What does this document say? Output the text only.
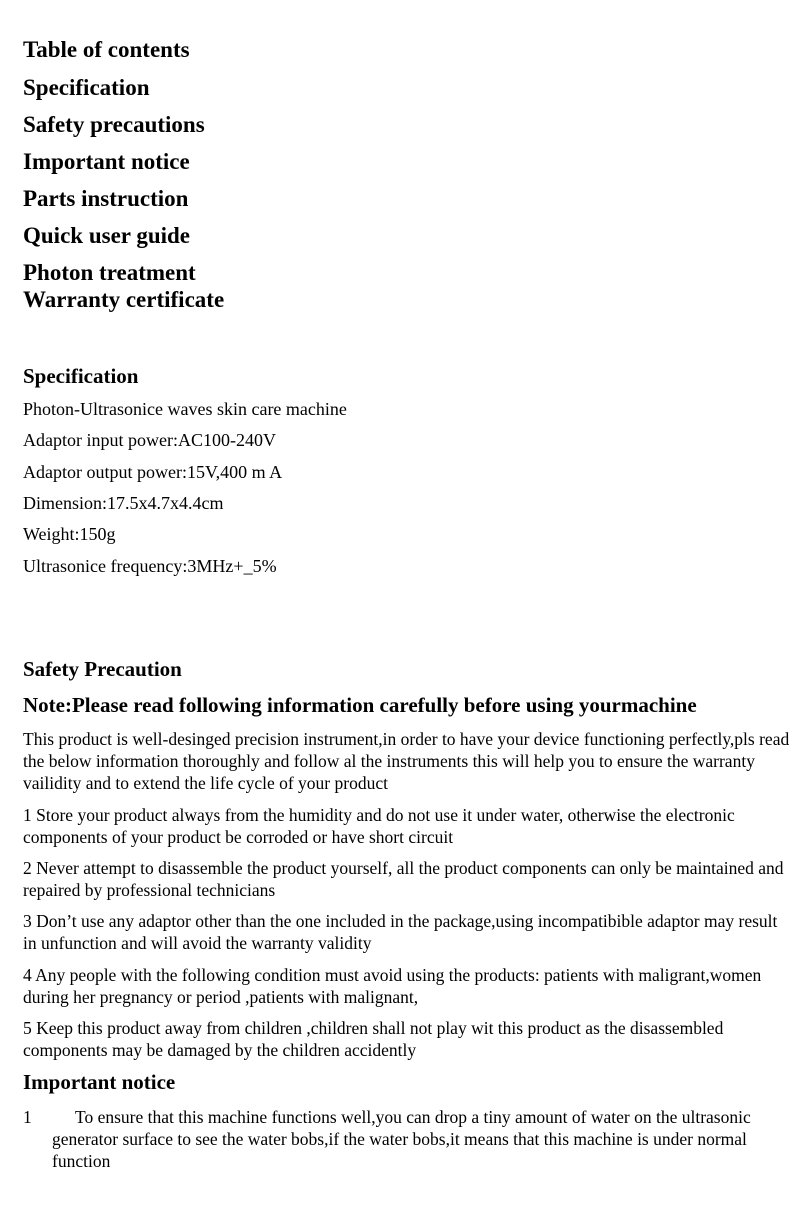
Table of contents
Specification
Safety precautions
Important notice
Parts instruction
Quick user guide
Photon treatment
Warranty certificate
Specification
Photon-Ultrasonice waves skin care machine
Adaptor input power:AC100-240V
Adaptor output power:15V,400 m A
Dimension:17.5x4.7x4.4cm
Weight:150g
Ultrasonice frequency:3MHz+_5%
Safety Precaution
Note:Please read following information carefully before using yourmachine
This product is well-desinged precision instrument,in order to have your device functioning perfectly,pls read the below information thoroughly and follow al the instruments this will help you to ensure the warranty vailidity and to extend the life cycle of your product
1 Store your product always from the humidity and do not use it under water, otherwise the electronic components of your product be corroded or have short circuit
2 Never attempt to disassemble the product yourself, all the product components can only be maintained and repaired by professional technicians
3 Don’t use any adaptor other than the one included in the package,using incompatibible adaptor may result in unfunction and will avoid the warranty validity
4 Any people with the following condition must avoid using the products: patients with maligrant,women during her pregnancy or period ,patients with malignant,
5 Keep this product away from children ,children shall not play wit this product as the disassembled components may be damaged by the children accidently
Important notice
1	To ensure that this machine functions well,you can drop a tiny amount of water on the ultrasonic generator surface to see the water bobs,if the water bobs,it means that this machine is under normal function
